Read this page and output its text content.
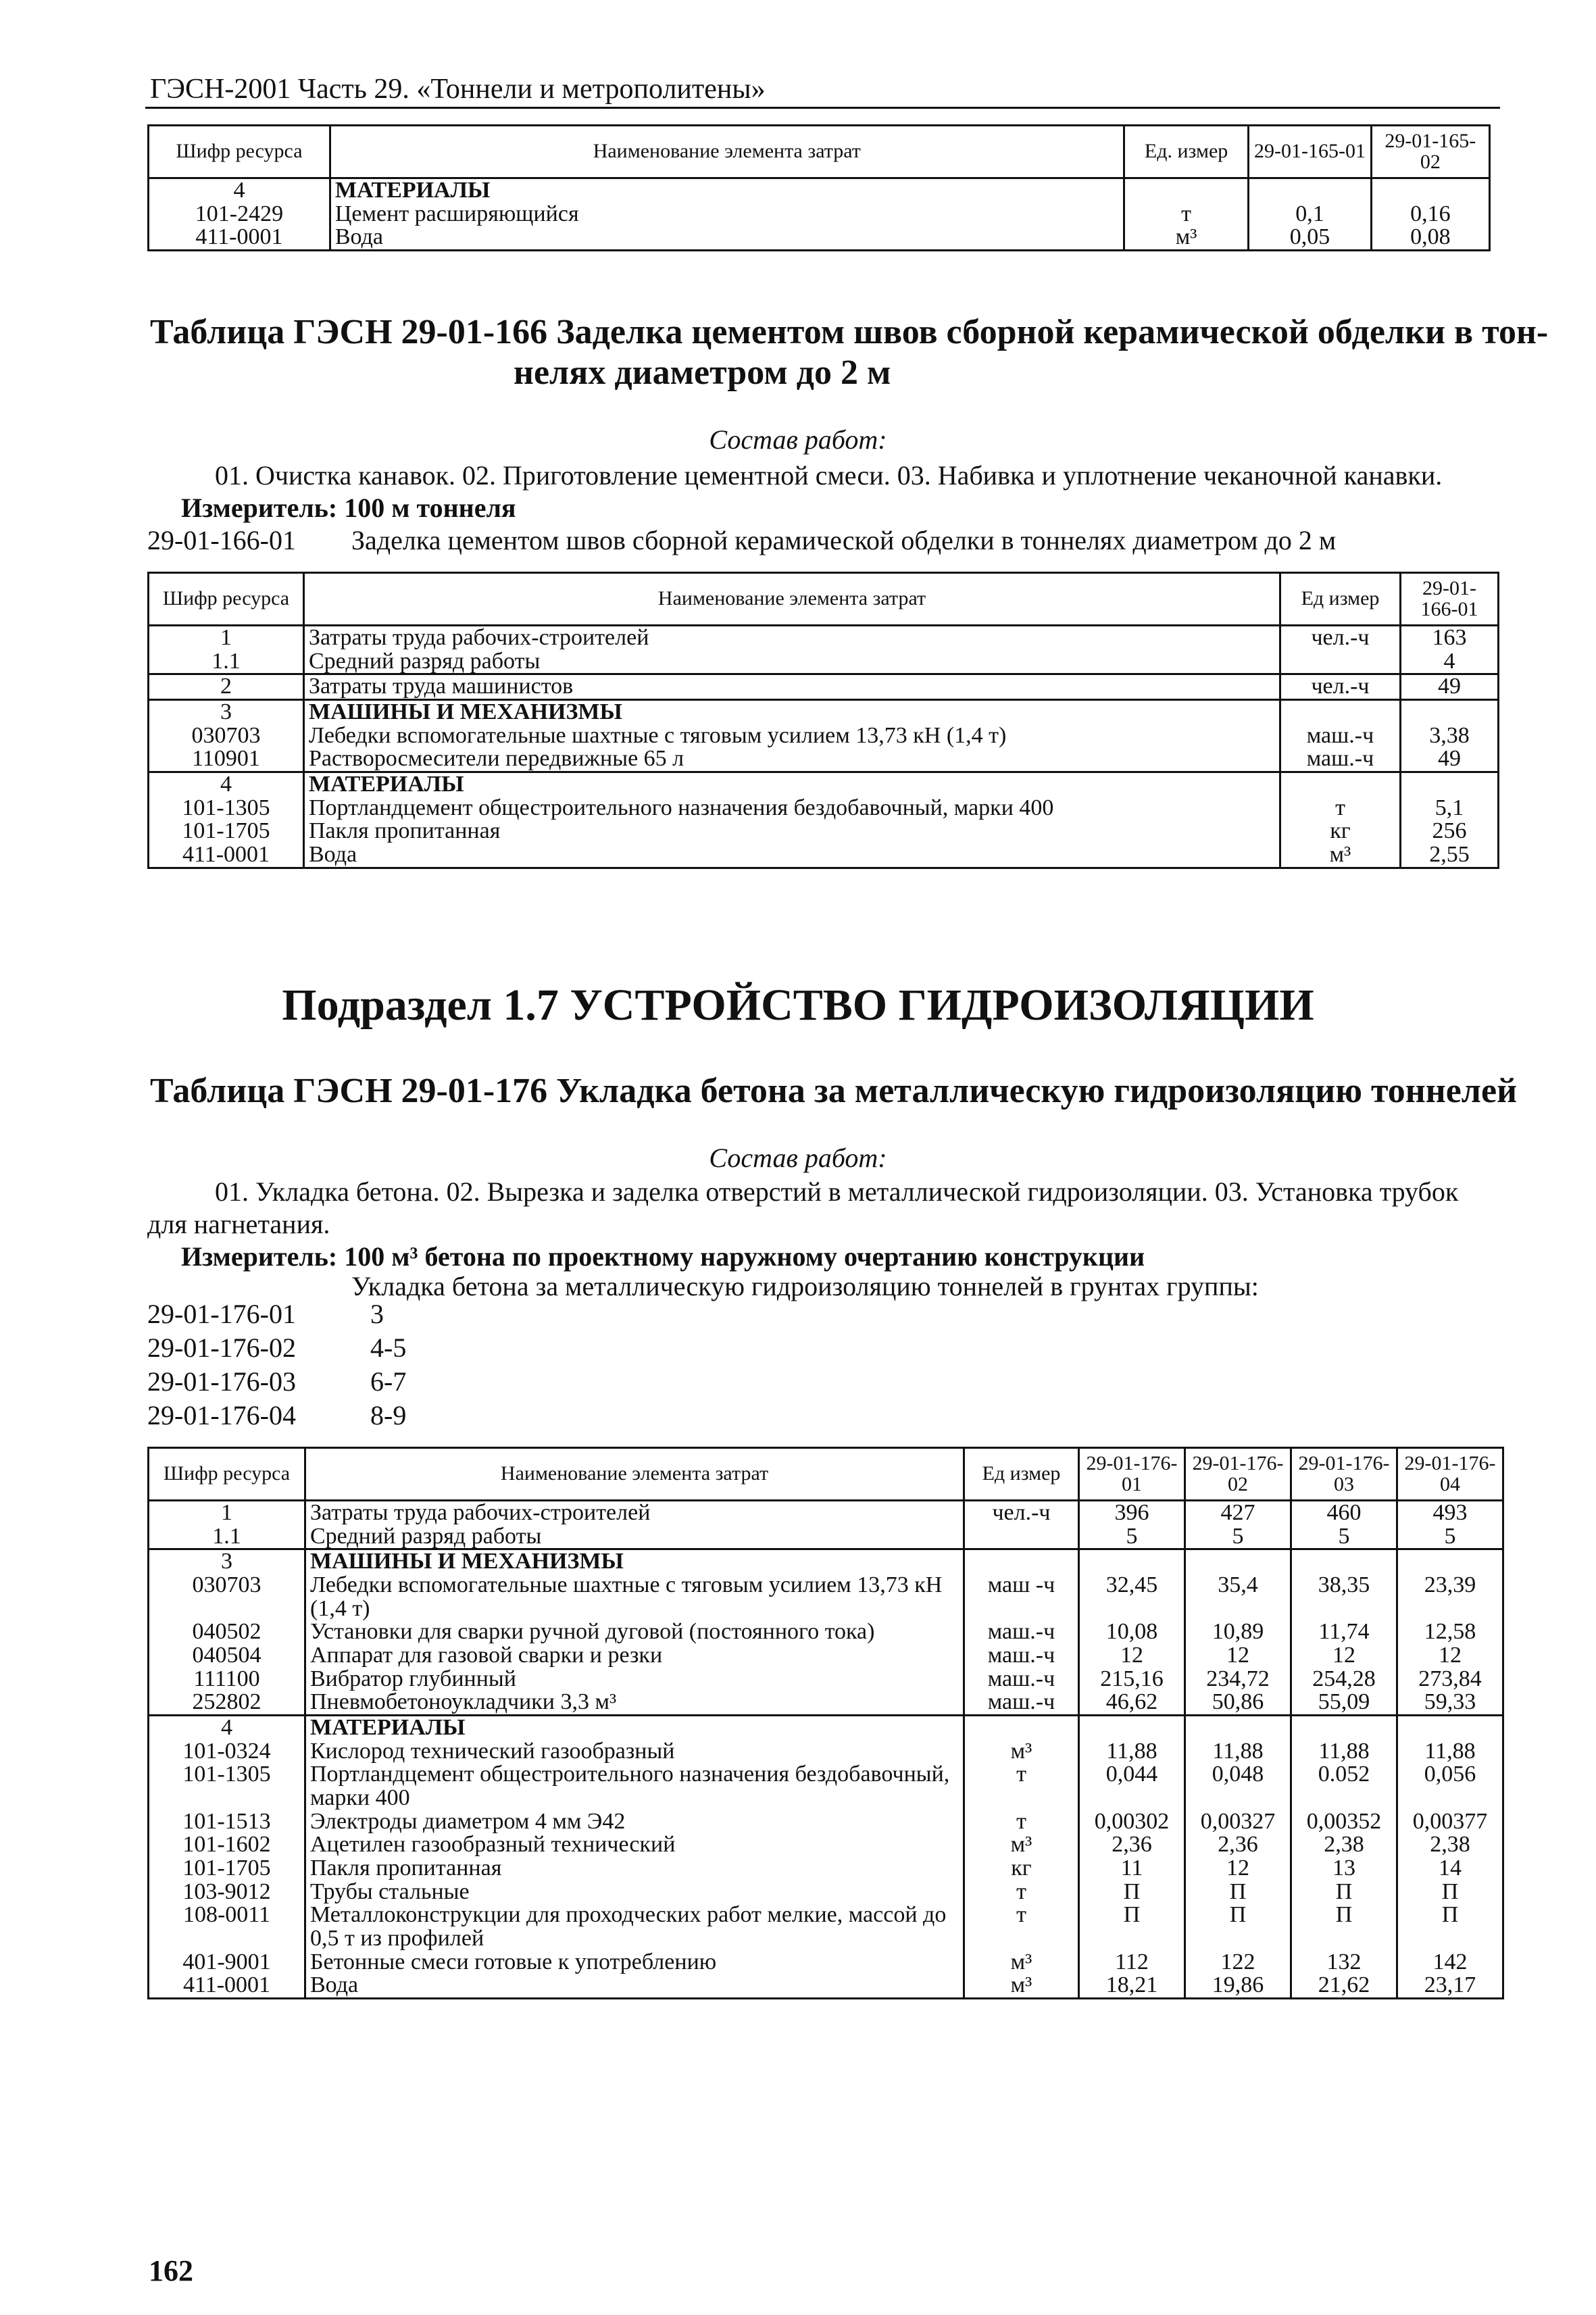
ГЭСН-2001 Часть 29. «Тоннели и метрополитены»
Шифр ресурса	Наименование элемента затрат	Ед. измер	29-01-165-01	29-01-165-02
4	МАТЕРИАЛЫ			
101-2429	Цемент расширяющийся	т	0,1	0,16
411-0001	Вода	м³	0,05	0,08
Таблица ГЭСН 29-01-166 Заделка цементом швов сборной керамической обделки в тон-
нелях диаметром до 2 м
Состав работ:
01. Очистка канавок. 02. Приготовление цементной смеси. 03. Набивка и уплотнение чеканочной канавки.
Измеритель: 100 м тоннеля
29-01-166-01 Заделка цементом швов сборной керамической обделки в тоннелях диаметром до 2 м
Шифр ресурса	Наименование элемента затрат	Ед измер	29-01-166-01
1	Затраты труда рабочих-строителей	чел.-ч	163
1.1	Средний разряд работы		4
2	Затраты труда машинистов	чел.-ч	49
3	МАШИНЫ И МЕХАНИЗМЫ		
030703	Лебедки вспомогательные шахтные с тяговым усилием 13,73 кН (1,4 т)	маш.-ч	3,38
110901	Растворосмесители передвижные 65 л	маш.-ч	49
4	МАТЕРИАЛЫ		
101-1305	Портландцемент общестроительного назначения бездобавочный, марки 400	т	5,1
101-1705	Пакля пропитанная	кг	256
411-0001	Вода	м³	2,55
Подраздел 1.7 УСТРОЙСТВО ГИДРОИЗОЛЯЦИИ
Таблица ГЭСН 29-01-176 Укладка бетона за металлическую гидроизоляцию тоннелей
Состав работ:
01. Укладка бетона. 02. Вырезка и заделка отверстий в металлической гидроизоляции. 03. Установка трубок
для нагнетания.
Измеритель: 100 м³ бетона по проектному наружному очертанию конструкции
Укладка бетона за металлическую гидроизоляцию тоннелей в грунтах группы:
29-01-176-01	3
29-01-176-02	4-5
29-01-176-03	6-7
29-01-176-04	8-9
Шифр ресурса	Наименование элемента затрат	Ед измер	29-01-176-01	29-01-176-02	29-01-176-03	29-01-176-04
1	Затраты труда рабочих-строителей	чел.-ч	396	427	460	493
1.1	Средний разряд работы		5	5	5	5
3	МАШИНЫ И МЕХАНИЗМЫ					
030703	Лебедки вспомогательные шахтные с тяговым усилием 13,73 кН (1,4 т)	маш -ч	32,45	35,4	38,35	23,39
040502	Установки для сварки ручной дуговой (постоянного тока)	маш.-ч	10,08	10,89	11,74	12,58
040504	Аппарат для газовой сварки и резки	маш.-ч	12	12	12	12
111100	Вибратор глубинный	маш.-ч	215,16	234,72	254,28	273,84
252802	Пневмобетоноукладчики 3,3 м³	маш.-ч	46,62	50,86	55,09	59,33
4	МАТЕРИАЛЫ					
101-0324	Кислород технический газообразный	м³	11,88	11,88	11,88	11,88
101-1305	Портландцемент общестроительного назначения бездобавочный, марки 400	т	0,044	0,048	0.052	0,056
101-1513	Электроды диаметром 4 мм Э42	т	0,00302	0,00327	0,00352	0,00377
101-1602	Ацетилен газообразный технический	м³	2,36	2,36	2,38	2,38
101-1705	Пакля пропитанная	кг	11	12	13	14
103-9012	Трубы стальные	т	П	П	П	П
108-0011	Металлоконструкции для проходческих работ мелкие, массой до 0,5 т из профилей	т	П	П	П	П
401-9001	Бетонные смеси готовые к употреблению	м³	112	122	132	142
411-0001	Вода	м³	18,21	19,86	21,62	23,17
162
